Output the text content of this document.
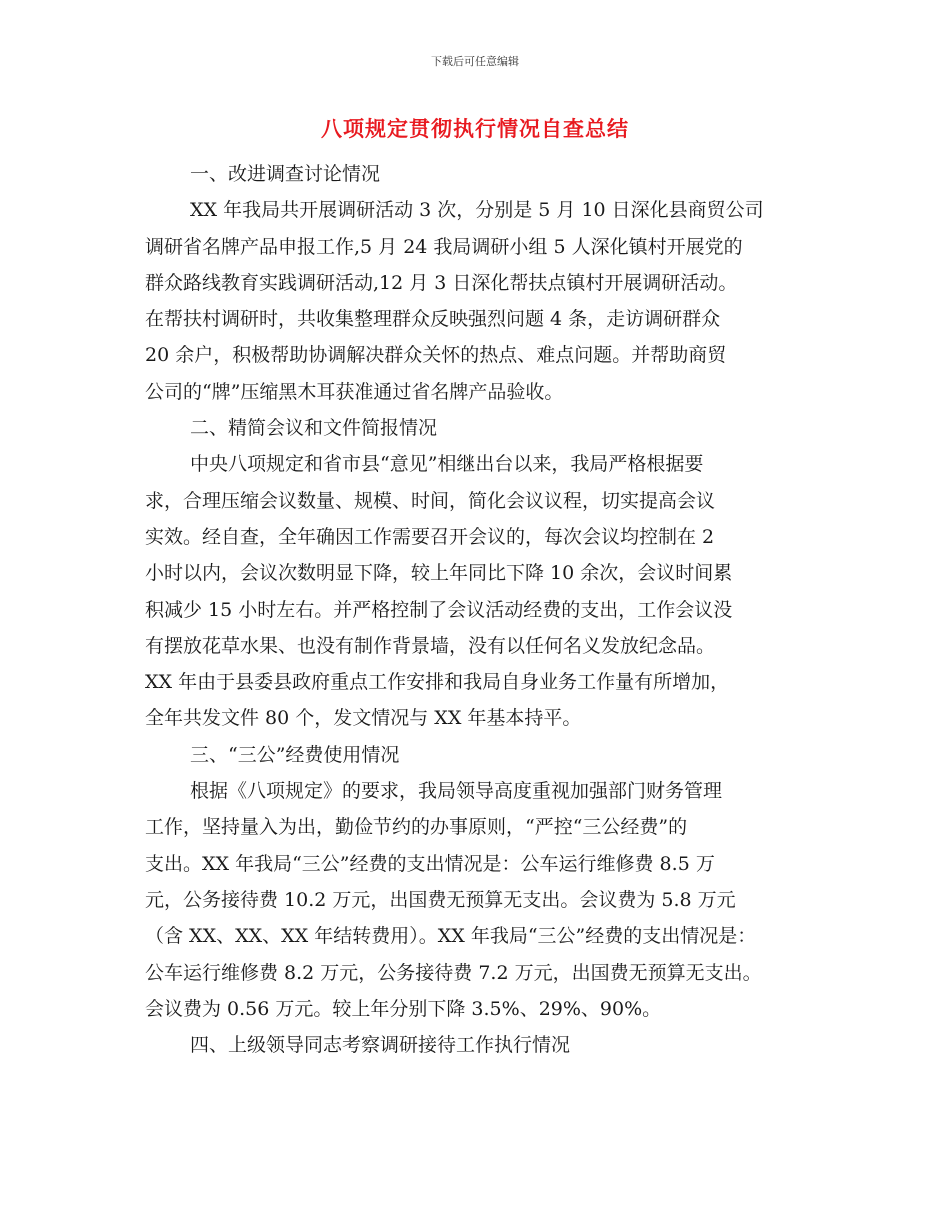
下载后可任意编辑
八项规定贯彻执行情况自查总结
一、改进调查讨论情况
XX 年我局共开展调研活动 3 次，分别是 5 月 10 日深化县商贸公司
调研省名牌产品申报工作,5 月 24 我局调研小组 5 人深化镇村开展党的
群众路线教育实践调研活动,12 月 3 日深化帮扶点镇村开展调研活动。
在帮扶村调研时，共收集整理群众反映强烈问题 4 条，走访调研群众
20 余户，积极帮助协调解决群众关怀的热点、难点问题。并帮助商贸
公司的“牌”压缩黑木耳获准通过省名牌产品验收。
二、精简会议和文件简报情况
中央八项规定和省市县“意见”相继出台以来，我局严格根据要
求，合理压缩会议数量、规模、时间，简化会议议程，切实提高会议
实效。经自查，全年确因工作需要召开会议的，每次会议均控制在 2
小时以内，会议次数明显下降，较上年同比下降 10 余次，会议时间累
积减少 15 小时左右。并严格控制了会议活动经费的支出，工作会议没
有摆放花草水果、也没有制作背景墙，没有以任何名义发放纪念品。
XX 年由于县委县政府重点工作安排和我局自身业务工作量有所增加，
全年共发文件 80 个，发文情况与 XX 年基本持平。
三、“三公”经费使用情况
根据《八项规定》的要求，我局领导高度重视加强部门财务管理
工作，坚持量入为出，勤俭节约的办事原则，“严控“三公经费”的
支出。XX 年我局“三公”经费的支出情况是：公车运行维修费 8.5 万
元，公务接待费 10.2 万元，出国费无预算无支出。会议费为 5.8 万元
（含 XX、XX、XX 年结转费用）。XX 年我局“三公”经费的支出情况是：
公车运行维修费 8.2 万元，公务接待费 7.2 万元，出国费无预算无支出。
会议费为 0.56 万元。较上年分别下降 3.5%、29%、90%。
四、上级领导同志考察调研接待工作执行情况
